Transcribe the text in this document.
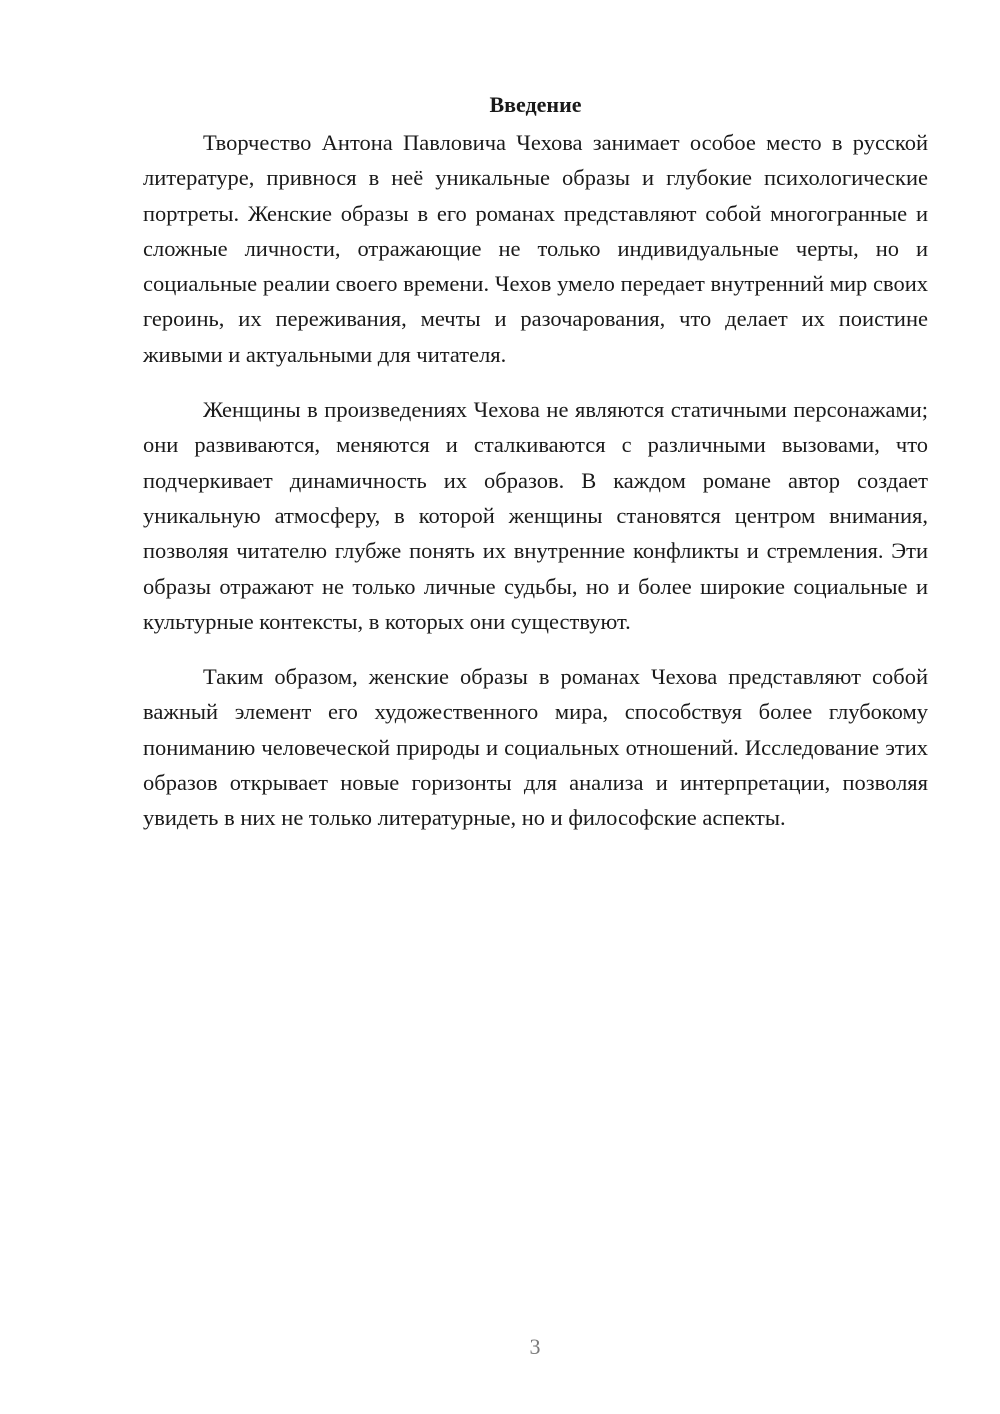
Введение

Творчество Антона Павловича Чехова занимает особое место в русской литературе, привнося в неё уникальные образы и глубокие психологические портреты. Женские образы в его романах представляют собой многогранные и сложные личности, отражающие не только индивидуальные черты, но и социальные реалии своего времени. Чехов умело передает внутренний мир своих героинь, их переживания, мечты и разочарования, что делает их поистине живыми и актуальными для читателя.

Женщины в произведениях Чехова не являются статичными персонажами; они развиваются, меняются и сталкиваются с различными вызовами, что подчеркивает динамичность их образов. В каждом романе автор создает уникальную атмосферу, в которой женщины становятся центром внимания, позволяя читателю глубже понять их внутренние конфликты и стремления. Эти образы отражают не только личные судьбы, но и более широкие социальные и культурные контексты, в которых они существуют.

Таким образом, женские образы в романах Чехова представляют собой важный элемент его художественного мира, способствуя более глубокому пониманию человеческой природы и социальных отношений. Исследование этих образов открывает новые горизонты для анализа и интерпретации, позволяя увидеть в них не только литературные, но и философские аспекты.

3
